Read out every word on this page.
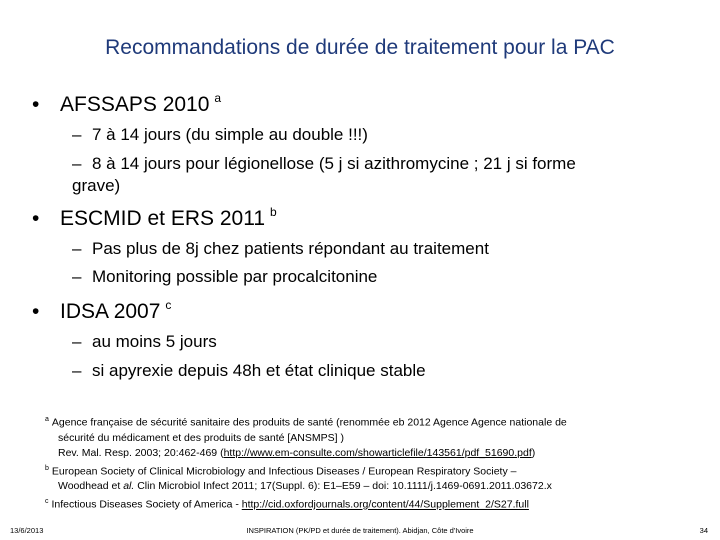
Recommandations de durée de traitement pour la PAC
• AFSSAPS 2010 $^a$
– 7 à 14 jours (du simple au double !!!)
– 8 à 14 jours pour légionellose (5 j si azithromycine ; 21 j si forme
grave)
• ESCMID et ERS 2011 $^b$
– Pas plus de 8j chez patients répondant au traitement
– Monitoring possible par procalcitonine
• IDSA 2007 $^c$
– au moins 5 jours
– si apyrexie depuis 48h et état clinique stable
$^a$ Agence française de sécurité sanitaire des produits de santé (renommée eb 2012 Agence Agence nationale de
sécurité du médicament et des produits de santé [ANSMPS] )
Rev. Mal. Resp. 2003; 20:462-469 (http://www.em-consulte.com/showarticlefile/143561/pdf_51690.pdf)
$^b$ European Society of Clinical Microbiology and Infectious Diseases / European Respiratory Society –
Woodhead et al. Clin Microbiol Infect 2011; 17(Suppl. 6): E1–E59 – doi: 10.1111/j.1469-0691.2011.03672.x
$^c$ Infectious Diseases Society of America - http://cid.oxfordjournals.org/content/44/Supplement_2/S27.full
13/6/2013	INSPIRATION (PK/PD et durée de traitement). Abidjan, Côte d'Ivoire	34
